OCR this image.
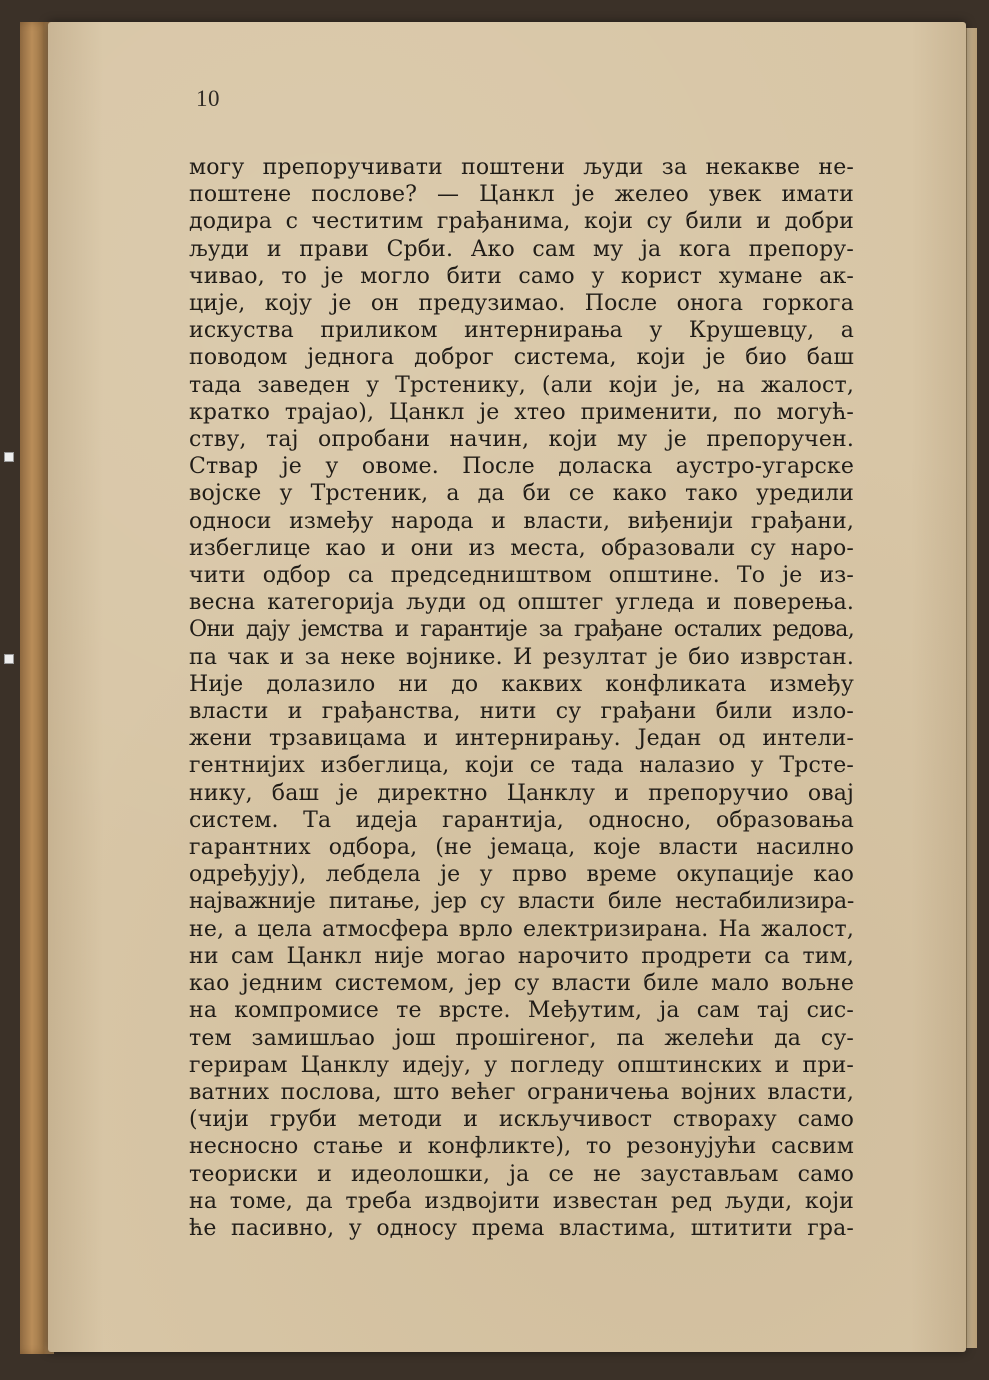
10
могу препоручивати поштени људи за некакве не-
поштене послове? — Цанкл је желео увек имати
додира с честитим грађанима, који су били и добри
људи и прави Срби. Ако сам му ја кога препору-
чивао, то је могло бити само у корист хумане ак-
ције, коју је он предузимао. После онога горкога
искуства приликом интернирања у Крушевцу, а
поводом једнога доброг система, који је био баш
тада заведен у Трстенику, (али који је, на жалост,
кратко трајао), Цанкл је хтео применити, по могућ-
ству, тај опробани начин, који му је препоручен.
Ствар је у овоме. После доласка аустро-угарске
војске у Трстеник, а да би се како тако уредили
односи између народа и власти, виђенији грађани,
избеглице као и они из места, образовали су наро-
чити одбор са председништвом општине. То је из-
весна категорија људи од општег угледа и поверења.
Они дају јемства и гарантије за грађане осталих редова,
па чак и за неке војнике. И резултат је био изврстан.
Није долазило ни до каквих конфликата између
власти и грађанства, нити су грађани били изло-
жени трзавицама и интернирању. Један од интели-
гентнијих избеглица, који се тада налазио у Трсте-
нику, баш је директно Цанклу и препоручио овај
систем. Та идеја гарантија, односно, образовања
гарантних одбора, (не јемаца, које власти насилно
одређују), лебдела је у прво време окупације као
најважније питање, јер су власти биле нестабилизира-
не, а цела атмосфера врло електризирана. На жалост,
ни сам Цанкл није могао нарочито продрети са тим,
као једним системом, јер су власти биле мало вољне
на компромисе те врсте. Међутим, ја сам тај сис-
тем замишљао још прошireног, па желећи да су-
герирам Цанклу идеју, у погледу општинских и при-
ватних послова, што већег ограничења војних власти,
(чији груби методи и искључивост створаху само
несносно стање и конфликте), то резонујући сасвим
теориски и идеолошки, ја се не заустављам само
на томе, да треба издвојити известан ред људи, који
ће пасивно, у односу према властима, штитити гра-
